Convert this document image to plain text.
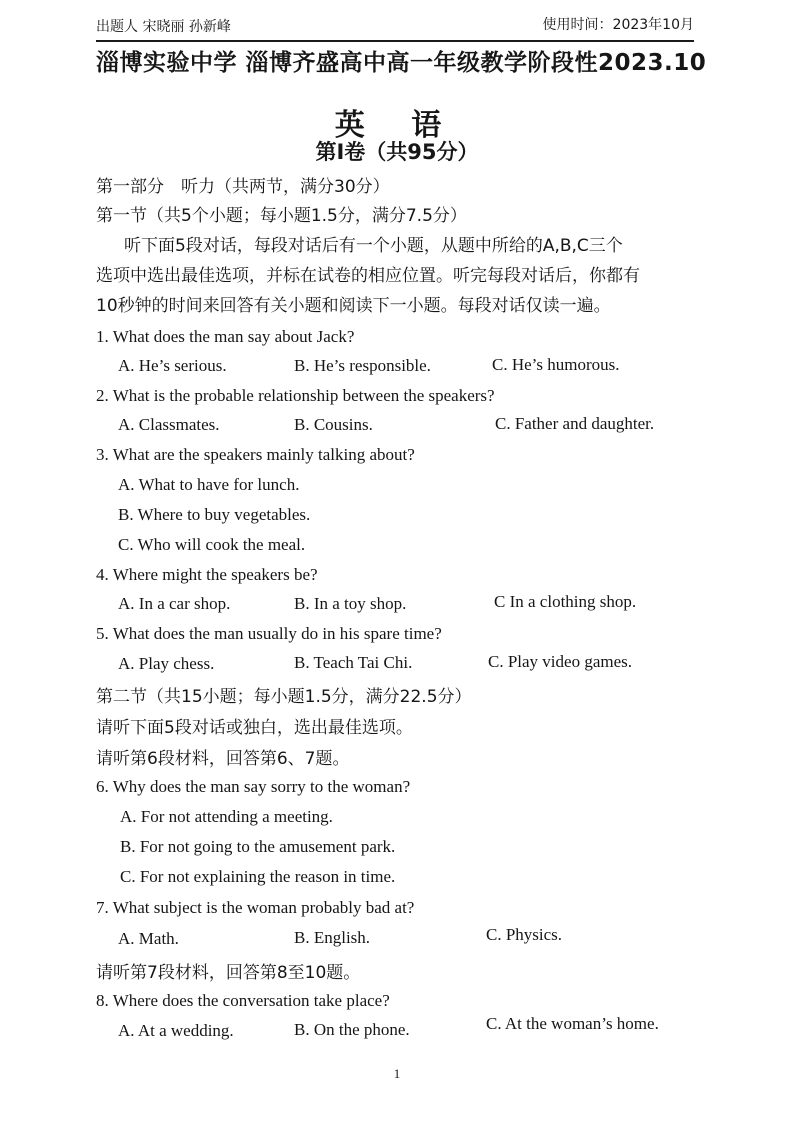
出题人 宋晓丽 孙新峰	使用时间：2023年10月
淄博实验中学 淄博齐盛高中高一年级教学阶段性2023.10
英 语
第Ⅰ卷（共95分）
第一部分　听力（共两节，满分30分）
第一节（共5个小题；每小题1.5分，满分7.5分）
听下面5段对话，每段对话后有一个小题，从题中所给的A,B,C三个
选项中选出最佳选项，并标在试卷的相应位置。听完每段对话后，你都有
10秒钟的时间来回答有关小题和阅读下一小题。每段对话仅读一遍。
1. What does the man say about Jack?
A. He’s serious.	B. He’s responsible.	C. He’s humorous.
2. What is the probable relationship between the speakers?
A. Classmates.	B. Cousins.	C. Father and daughter.
3. What are the speakers mainly talking about?
A. What to have for lunch.
B. Where to buy vegetables.
C. Who will cook the meal.
4. Where might the speakers be?
A. In a car shop.	B. In a toy shop.	C In a clothing shop.
5. What does the man usually do in his spare time?
A. Play chess.	B. Teach Tai Chi.	C. Play video games.
第二节（共15小题；每小题1.5分，满分22.5分）
请听下面5段对话或独白，选出最佳选项。
请听第6段材料，回答第6、7题。
6. Why does the man say sorry to the woman?
A. For not attending a meeting.
B. For not going to the amusement park.
C. For not explaining the reason in time.
7. What subject is the woman probably bad at?
A. Math.	B. English.	C. Physics.
请听第7段材料，回答第8至10题。
8. Where does the conversation take place?
A. At a wedding.	B. On the phone.	C. At the woman’s home.
1
